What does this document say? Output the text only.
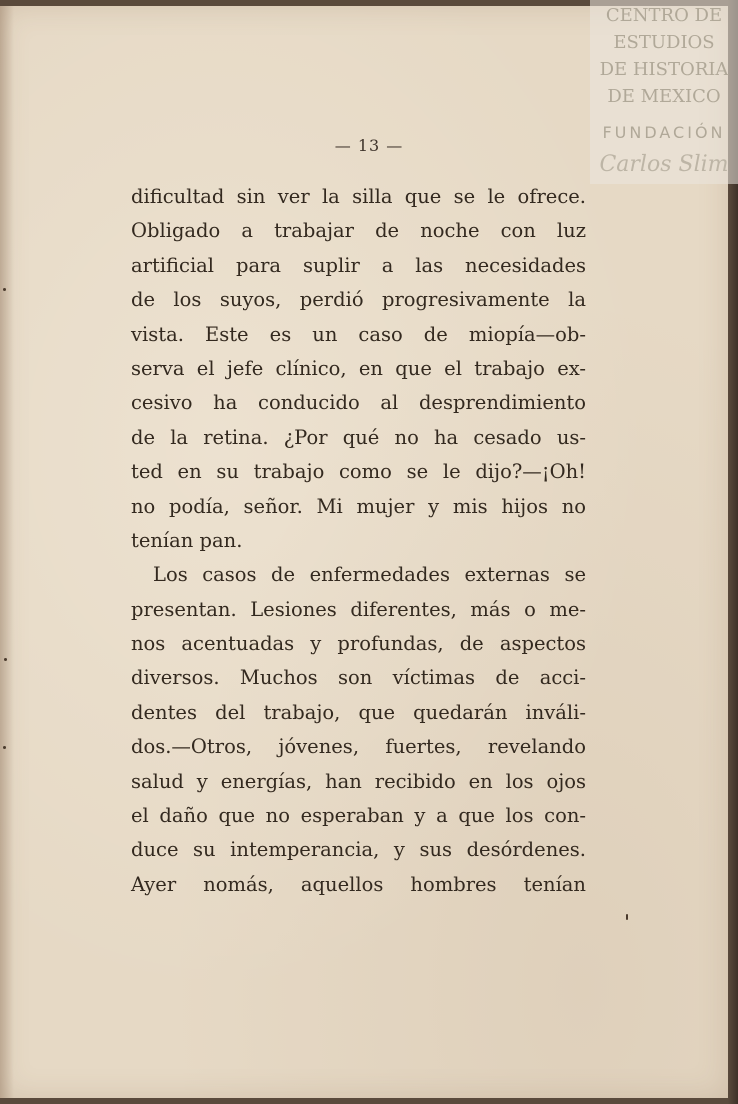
CENTRO DE
ESTUDIOS
DE HISTORIA
DE MEXICO
FUNDACIÓN
Carlos Slim
— 13 —
dificultad sin ver la silla que se le ofrece.
Obligado a trabajar de noche con luz
artificial para suplir a las necesidades
de los suyos, perdió progresivamente la
vista. Este es un caso de miopía—ob-
serva el jefe clínico, en que el trabajo ex-
cesivo ha conducido al desprendimiento
de la retina. ¿Por qué no ha cesado us-
ted en su trabajo como se le dijo?—¡Oh!
no podía, señor. Mi mujer y mis hijos no
tenían pan.
Los casos de enfermedades externas se
presentan. Lesiones diferentes, más o me-
nos acentuadas y profundas, de aspectos
diversos. Muchos son víctimas de acci-
dentes del trabajo, que quedarán inváli-
dos.—Otros, jóvenes, fuertes, revelando
salud y energías, han recibido en los ojos
el daño que no esperaban y a que los con-
duce su intemperancia, y sus desórdenes.
Ayer nomás, aquellos hombres tenían
